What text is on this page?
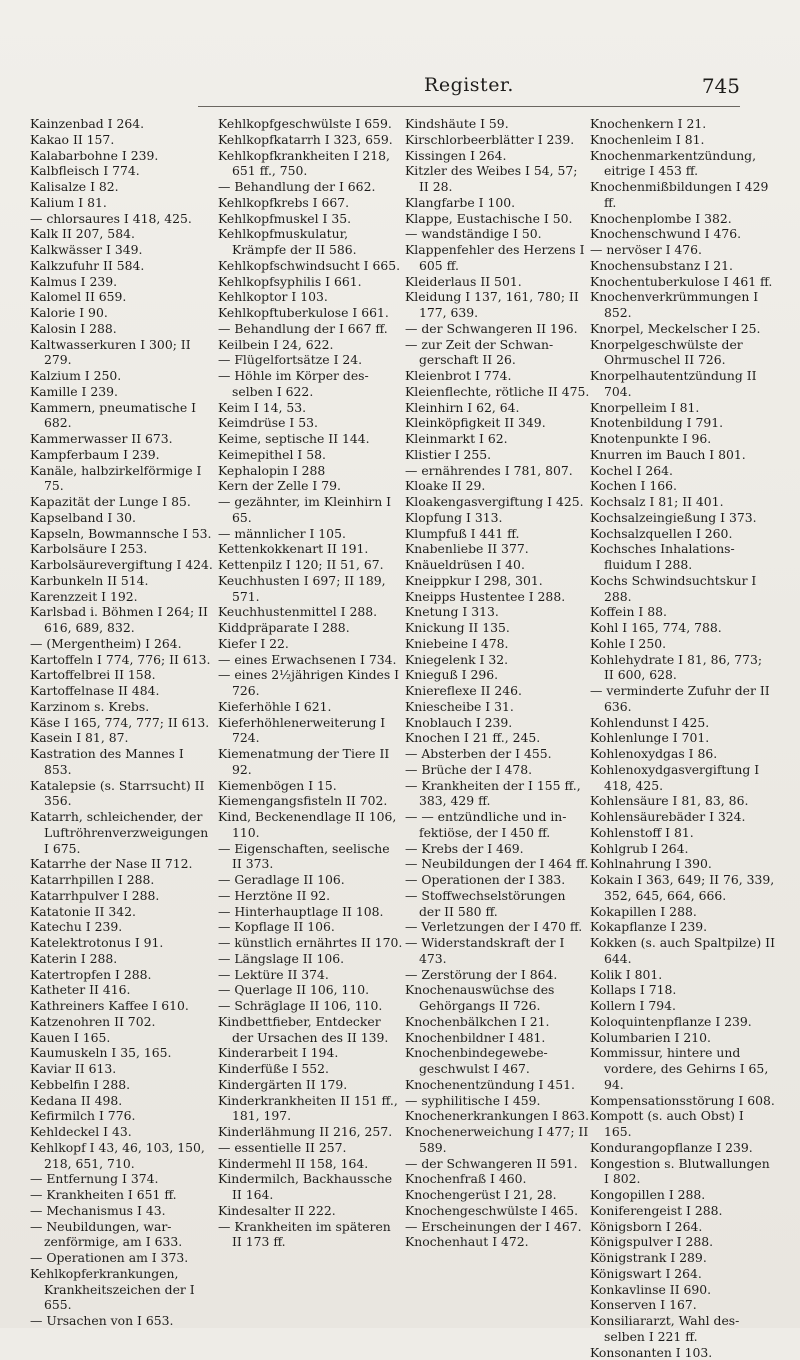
Register.	745
Kainzenbad I 264.
Kakao II 157.
Kalabarbohne I 239.
Kalbfleisch I 774.
Kalisalze I 82.
Kalium I 81.
— chlorsaures I 418, 425.
Kalk II 207, 584.
Kalkwässer I 349.
Kalkzufuhr II 584.
Kalmus I 239.
Kalomel II 659.
Kalorie I 90.
Kalosin I 288.
Kaltwasserkuren I 300; II 279.
Kalzium I 250.
Kamille I 239.
Kammern, pneumatische I 682.
Kammerwasser II 673.
Kampferbaum I 239.
Kanäle, halbzirkelförmige I 75.
Kapazität der Lunge I 85.
Kapselband I 30.
Kapseln, Bowmannsche I 53.
Karbolsäure I 253.
Karbolsäurevergiftung I 424.
Karbunkeln II 514.
Karenzzeit I 192.
Karlsbad i. Böhmen I 264; II 616, 689, 832.
— (Mergentheim) I 264.
Kartoffeln I 774, 776; II 613.
Kartoffelbrei II 158.
Kartoffelnase II 484.
Karzinom s. Krebs.
Käse I 165, 774, 777; II 613.
Kasein I 81, 87.
Kastration des Mannes I 853.
Katalepsie (s. Starrsucht) II 356.
Katarrh, schleichender, der Luftröhrenverzweigungen I 675.
Katarrhe der Nase II 712.
Katarrhpillen I 288.
Katarrhpulver I 288.
Katatonie II 342.
Katechu I 239.
Katelektrotonus I 91.
Katerin I 288.
Katertropfen I 288.
Katheter II 416.
Kathreiners Kaffee I 610.
Katzenohren II 702.
Kauen I 165.
Kaumuskeln I 35, 165.
Kaviar II 613.
Kebbelfin I 288.
Kedana II 498.
Kefirmilch I 776.
Kehldeckel I 43.
Kehlkopf I 43, 46, 103, 150, 218, 651, 710.
— Entfernung I 374.
— Krankheiten I 651 ff.
— Mechanismus I 43.
— Neubildungen, warzenförmige, am I 633.
— Operationen am I 373.
Kehlkopferkrankungen, Krankheitszeichen der I 655.
— Ursachen von I 653.
Kehlkopfgeschwülste I 659.
Kehlkopfkatarrh I 323, 659.
Kehlkopfkrankheiten I 218, 651 ff., 750.
— Behandlung der I 662.
Kehlkopfkrebs I 667.
Kehlkopfmuskel I 35.
Kehlkopfmuskulatur, Krämpfe der II 586.
Kehlkopfschwindsucht I 665.
Kehlkopfsyphilis I 661.
Kehlkoptor I 103.
Kehlkopftuberkulose I 661.
— Behandlung der I 667 ff.
Keilbein I 24, 622.
— Flügelfortsätze I 24.
— Höhle im Körper desselben I 622.
Keim I 14, 53.
Keimdrüse I 53.
Keime, septische II 144.
Keimepithel I 58.
Kephalopin I 288
Kern der Zelle I 79.
— gezähnter, im Kleinhirn I 65.
— männlicher I 105.
Kettenkokkenart II 191.
Kettenpilz I 120; II 51, 67.
Keuchhusten I 697; II 189, 571.
Keuchhustenmittel I 288.
Kiddpräparate I 288.
Kiefer I 22.
— eines Erwachsenen I 734.
— eines 2½jährigen Kindes I 726.
Kieferhöhle I 621.
Kieferhöhlenerweiterung I 724.
Kiemenatmung der Tiere II 92.
Kiemenbögen I 15.
Kiemengangsfisteln II 702.
Kind, Beckenendlage II 106, 110.
— Eigenschaften, seelische II 373.
— Geradlage II 106.
— Herztöne II 92.
— Hinterhauptlage II 108.
— Kopflage II 106.
— künstlich ernährtes II 170.
— Längslage II 106.
— Lektüre II 374.
— Querlage II 106, 110.
— Schräglage II 106, 110.
Kindbettfieber, Entdecker der Ursachen des II 139.
Kinderarbeit I 194.
Kinderfüße I 552.
Kindergärten II 179.
Kinderkrankheiten II 151 ff., 181, 197.
Kinderlähmung II 216, 257.
— essentielle II 257.
Kindermehl II 158, 164.
Kindermilch, Backhaussche II 164.
Kindesalter II 222.
— Krankheiten im späteren II 173 ff.
Kindshäute I 59.
Kirschlorbeerblätter I 239.
Kissingen I 264.
Kitzler des Weibes I 54, 57; II 28.
Klangfarbe I 100.
Klappe, Eustachische I 50.
— wandständige I 50.
Klappenfehler des Herzens I 605 ff.
Kleiderlaus II 501.
Kleidung I 137, 161, 780; II 177, 639.
— der Schwangeren II 196.
— zur Zeit der Schwangerschaft II 26.
Kleienbrot I 774.
Kleienflechte, rötliche II 475.
Kleinhirn I 62, 64.
Kleinköpfigkeit II 349.
Kleinmarkt I 62.
Klistier I 255.
— ernährendes I 781, 807.
Kloake II 29.
Kloakengasvergiftung I 425.
Klopfung I 313.
Klumpfuß I 441 ff.
Knabenliebe II 377.
Knäueldrüsen I 40.
Kneippkur I 298, 301.
Kneipps Hustentee I 288.
Knetung I 313.
Knickung II 135.
Kniebeine I 478.
Kniegelenk I 32.
Knieguß I 296.
Kniereflexe II 246.
Kniescheibe I 31.
Knoblauch I 239.
Knochen I 21 ff., 245.
— Absterben der I 455.
— Brüche der I 478.
— Krankheiten der I 155 ff., 383, 429 ff.
— — entzündliche und infektiöse, der I 450 ff.
— Krebs der I 469.
— Neubildungen der I 464 ff.
— Operationen der I 383.
— Stoffwechselstörungen der II 580 ff.
— Verletzungen der I 470 ff.
— Widerstandskraft der I 473.
— Zerstörung der I 864.
Knochenauswüchse des Gehörgangs II 726.
Knochenbälkchen I 21.
Knochenbildner I 481.
Knochenbindegewebegeschwulst I 467.
Knochenentzündung I 451.
— syphilitische I 459.
Knochenerkrankungen I 863.
Knochenerweichung I 477; II 589.
— der Schwangeren II 591.
Knochenfraß I 460.
Knochengerüst I 21, 28.
Knochengeschwülste I 465.
— Erscheinungen der I 467.
Knochenhaut I 472.
Knochenkern I 21.
Knochenleim I 81.
Knochenmarkentzündung, eitrige I 453 ff.
Knochenmißbildungen I 429 ff.
Knochenplombe I 382.
Knochenschwund I 476.
— nervöser I 476.
Knochensubstanz I 21.
Knochentuberkulose I 461 ff.
Knochenverkrümmungen I 852.
Knorpel, Meckelscher I 25.
Knorpelgeschwülste der Ohrmuschel II 726.
Knorpelhautentzündung II 704.
Knorpelleim I 81.
Knotenbildung I 791.
Knotenpunkte I 96.
Knurren im Bauch I 801.
Kochel I 264.
Kochen I 166.
Kochsalz I 81; II 401.
Kochsalzeingießung I 373.
Kochsalzquellen I 260.
Kochsches Inhalationsfluidum I 288.
Kochs Schwindsuchtskur I 288.
Koffein I 88.
Kohl I 165, 774, 788.
Kohle I 250.
Kohlehydrate I 81, 86, 773; II 600, 628.
— verminderte Zufuhr der II 636.
Kohlendunst I 425.
Kohlenlunge I 701.
Kohlenoxydgas I 86.
Kohlenoxydgasvergiftung I 418, 425.
Kohlensäure I 81, 83, 86.
Kohlensäurebäder I 324.
Kohlenstoff I 81.
Kohlgrub I 264.
Kohlnahrung I 390.
Kokain I 363, 649; II 76, 339, 352, 645, 664, 666.
Kokapillen I 288.
Kokapflanze I 239.
Kokken (s. auch Spaltpilze) II 644.
Kolik I 801.
Kollaps I 718.
Kollern I 794.
Koloquintenpflanze I 239.
Kolumbarien I 210.
Kommissur, hintere und vordere, des Gehirns I 65, 94.
Kompensationsstörung I 608.
Kompott (s. auch Obst) I 165.
Kondurangopflanze I 239.
Kongestion s. Blutwallungen I 802.
Kongopillen I 288.
Koniferengeist I 288.
Königsborn I 264.
Königspulver I 288.
Königstrank I 289.
Königswart I 264.
Konkavlinse II 690.
Konserven I 167.
Konsiliararzt, Wahl desselben I 221 ff.
Konsonanten I 103.
